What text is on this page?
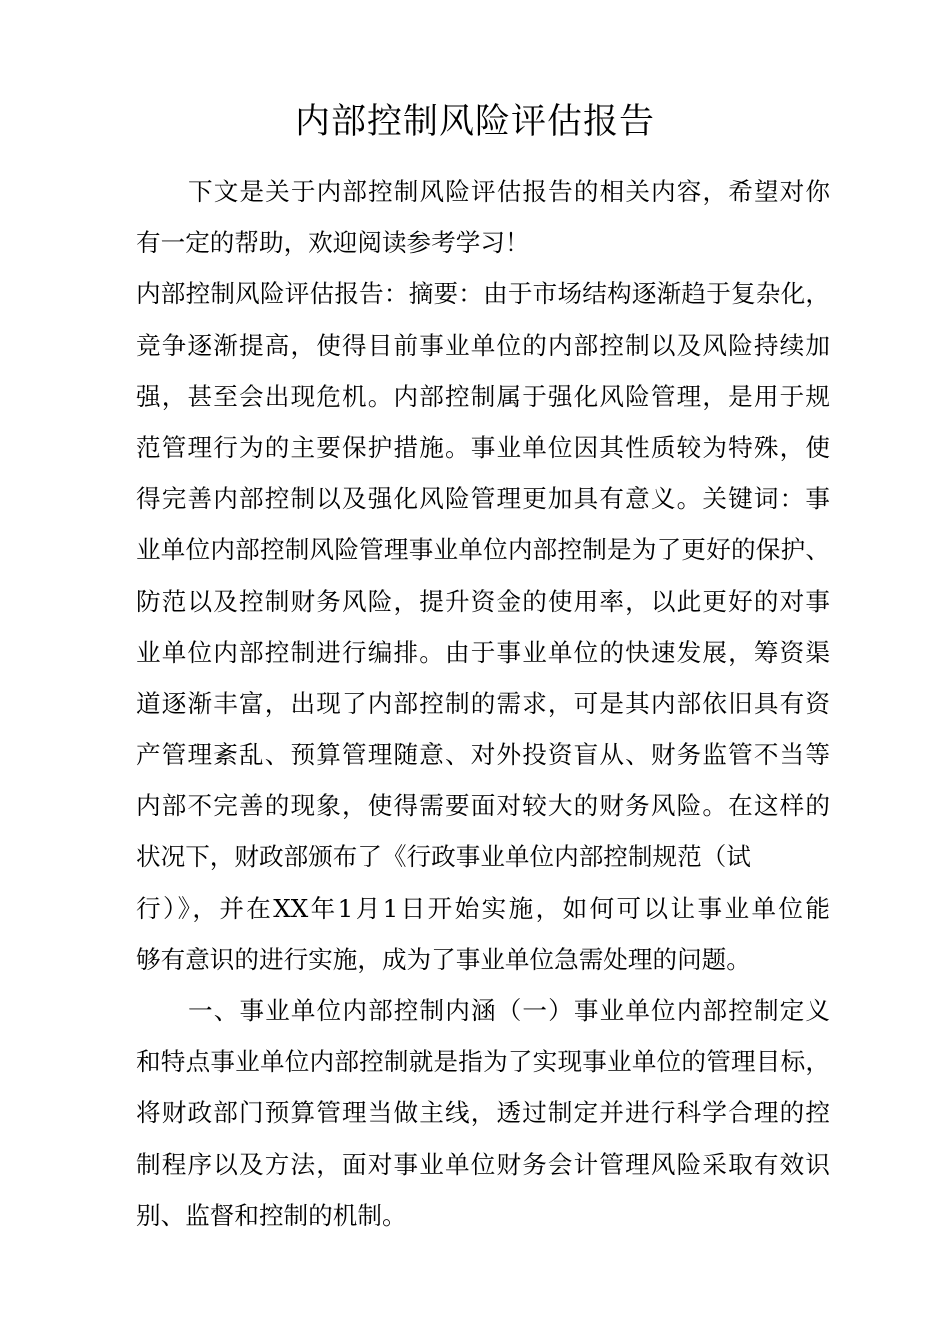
内部控制风险评估报告
下文是关于内部控制风险评估报告的相关内容，希望对你
有一定的帮助，欢迎阅读参考学习！
内部控制风险评估报告：摘要：由于市场结构逐渐趋于复杂化，
竞争逐渐提高，使得目前事业单位的内部控制以及风险持续加
强，甚至会出现危机。内部控制属于强化风险管理，是用于规
范管理行为的主要保护措施。事业单位因其性质较为特殊，使
得完善内部控制以及强化风险管理更加具有意义。关键词：事
业单位内部控制风险管理事业单位内部控制是为了更好的保护、
防范以及控制财务风险，提升资金的使用率，以此更好的对事
业单位内部控制进行编排。由于事业单位的快速发展，筹资渠
道逐渐丰富，出现了内部控制的需求，可是其内部依旧具有资
产管理紊乱、预算管理随意、对外投资盲从、财务监管不当等
内部不完善的现象，使得需要面对较大的财务风险。在这样的
状况下，财政部颁布了《行政事业单位内部控制规范（试
行）》，并在XX年1月1日开始实施，如何可以让事业单位能
够有意识的进行实施，成为了事业单位急需处理的问题。
一、事业单位内部控制内涵（一）事业单位内部控制定义
和特点事业单位内部控制就是指为了实现事业单位的管理目标，
将财政部门预算管理当做主线，透过制定并进行科学合理的控
制程序以及方法，面对事业单位财务会计管理风险采取有效识
别、监督和控制的机制。
